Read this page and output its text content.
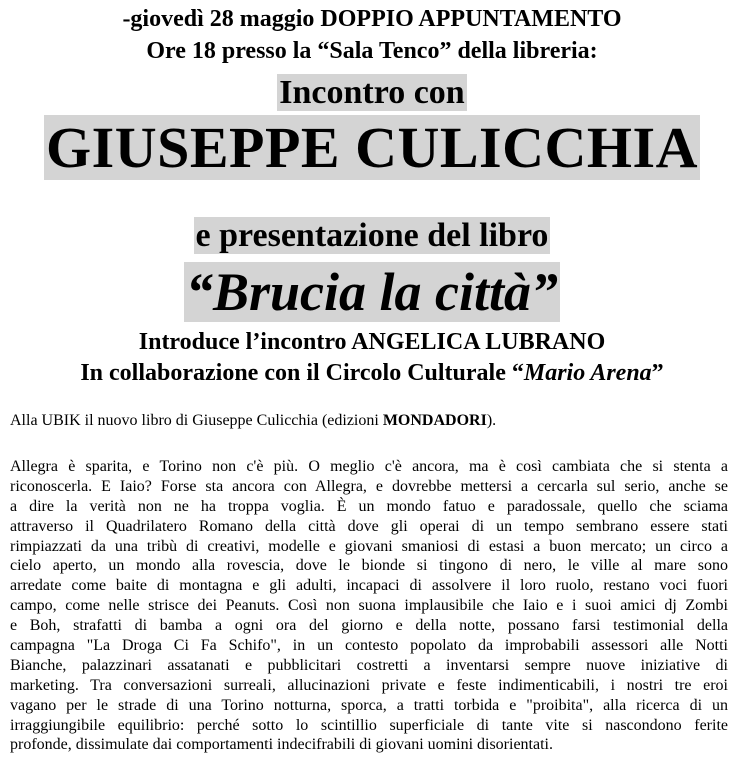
-giovedì 28 maggio DOPPIO APPUNTAMENTO
Ore 18 presso la “Sala Tenco” della libreria:
Incontro con
GIUSEPPE CULICCHIA
e presentazione del libro
“Brucia la città”
Introduce l’incontro ANGELICA LUBRANO
In collaborazione con il Circolo Culturale “Mario Arena”
Alla UBIK il nuovo libro di Giuseppe Culicchia (edizioni MONDADORI).
Allegra è sparita, e Torino non c'è più. O meglio c'è ancora, ma è così cambiata che si stenta a
riconoscerla. E Iaio? Forse sta ancora con Allegra, e dovrebbe mettersi a cercarla sul serio, anche se
a dire la verità non ne ha troppa voglia. È un mondo fatuo e paradossale, quello che sciama
attraverso il Quadrilatero Romano della città dove gli operai di un tempo sembrano essere stati
rimpiazzati da una tribù di creativi, modelle e giovani smaniosi di estasi a buon mercato; un circo a
cielo aperto, un mondo alla rovescia, dove le bionde si tingono di nero, le ville al mare sono
arredate come baite di montagna e gli adulti, incapaci di assolvere il loro ruolo, restano voci fuori
campo, come nelle strisce dei Peanuts. Così non suona implausibile che Iaio e i suoi amici dj Zombi
e Boh, strafatti di bamba a ogni ora del giorno e della notte, possano farsi testimonial della
campagna "La Droga Ci Fa Schifo", in un contesto popolato da improbabili assessori alle Notti
Bianche, palazzinari assatanati e pubblicitari costretti a inventarsi sempre nuove iniziative di
marketing. Tra conversazioni surreali, allucinazioni private e feste indimenticabili, i nostri tre eroi
vagano per le strade di una Torino notturna, sporca, a tratti torbida e "proibita", alla ricerca di un
irraggiungibile equilibrio: perché sotto lo scintillio superficiale di tante vite si nascondono ferite
profonde, dissimulate dai comportamenti indecifrabili di giovani uomini disorientati.
